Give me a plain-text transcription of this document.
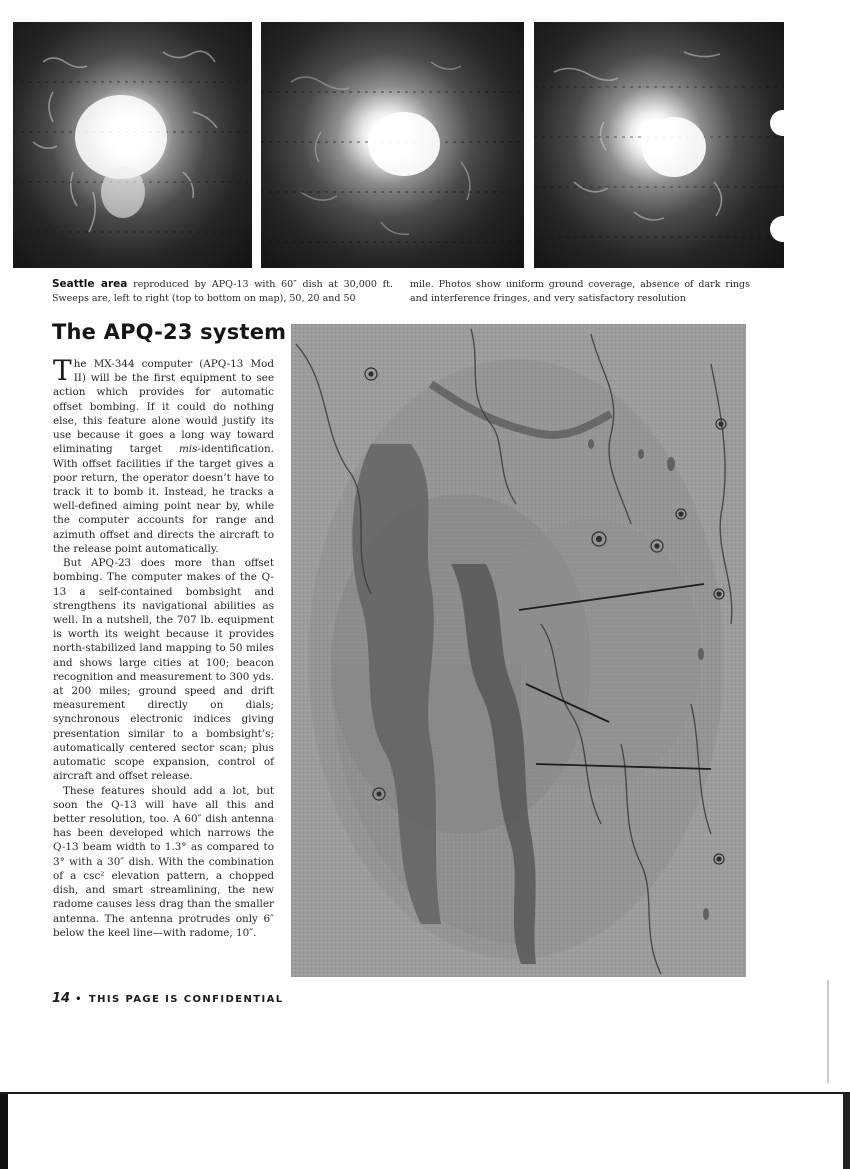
Seattle area reproduced by APQ-13 with 60″ dish at 30,000 ft. Sweeps are, left to right (top to bottom on map), 50, 20 and 50
mile. Photos show uniform ground coverage, absence of dark rings and interference fringes, and very satisfactory resolution
The APQ-23 system

The MX-344 computer (APQ-13 Mod II) will be the first equipment to see action which provides for automatic offset bombing. If it could do nothing else, this feature alone would justify its use because it goes a long way toward eliminating target mis-identification. With offset facilities if the target gives a poor return, the operator doesn’t have to track it to bomb it. Instead, he tracks a well-defined aiming point near by, while the computer accounts for range and azimuth offset and directs the aircraft to the release point automatically.

But APQ-23 does more than offset bombing. The computer makes of the Q-13 a self-contained bombsight and strengthens its navigational abilities as well. In a nutshell, the 707 lb. equipment is worth its weight because it provides north-stabilized land mapping to 50 miles and shows large cities at 100; beacon recognition and measurement to 300 yds. at 200 miles; ground speed and drift measurement directly on dials; synchronous electronic indices giving presentation similar to a bombsight’s; automatically centered sector scan; plus automatic scope expansion, control of aircraft and offset release.

These features should add a lot, but soon the Q-13 will have all this and better resolution, too. A 60″ dish antenna has been developed which narrows the Q-13 beam width to 1.3° as compared to 3° with a 30″ dish. With the combination of a csc² elevation pattern, a chopped dish, and smart streamlining, the new radome causes less drag than the smaller antenna. The antenna protrudes only 6″ below the keel line—with radome, 10″.

14 • THIS PAGE IS CONFIDENTIAL
